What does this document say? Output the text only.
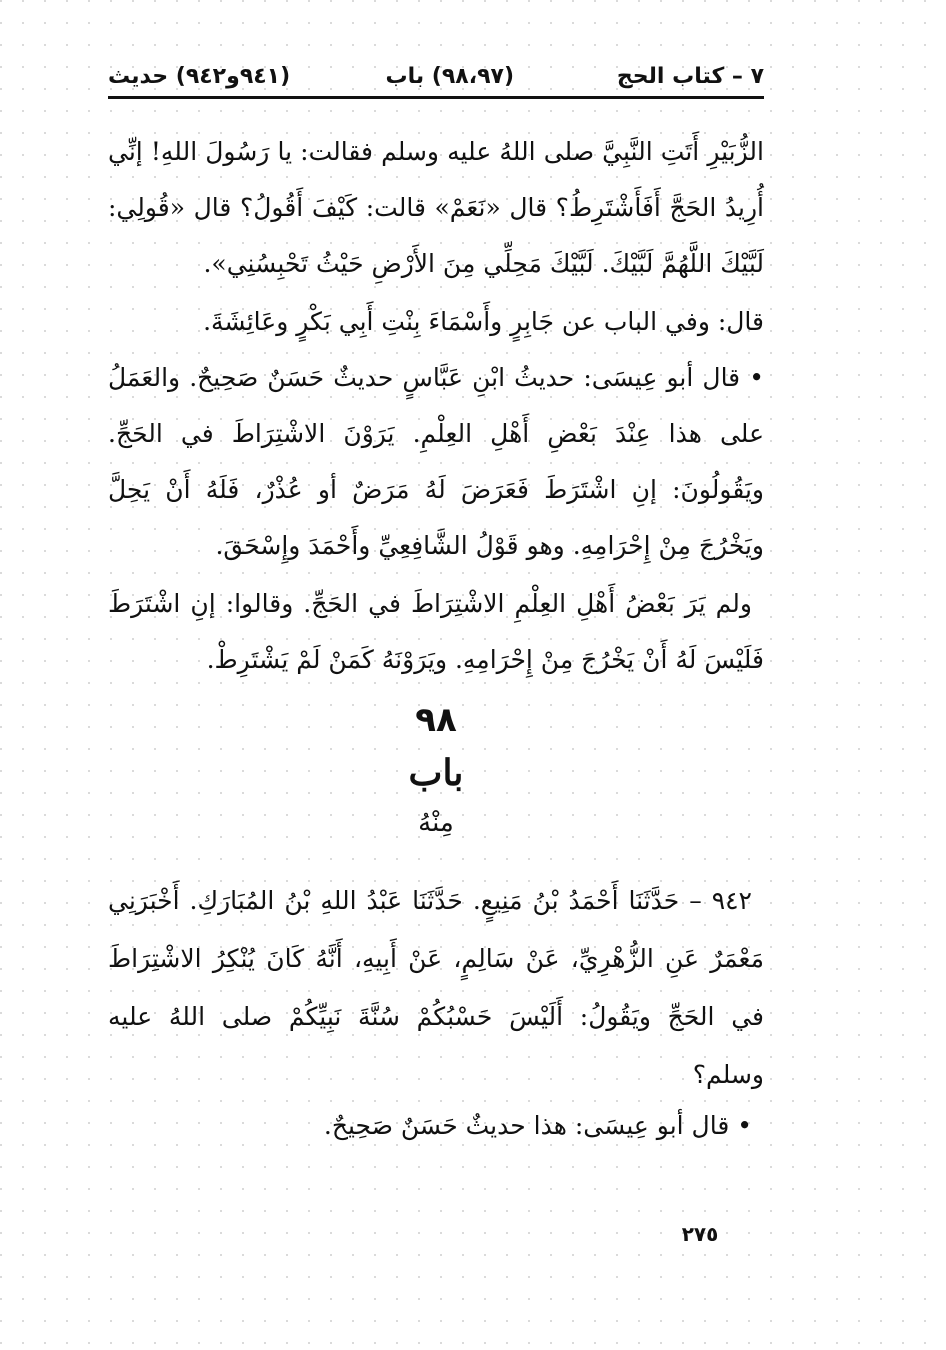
٧ – كتاب الحج
(٩٨،٩٧) باب
(٩٤١و٩٤٢) حديث

الزُّبَيْرِ أَتَتِ النَّبِيَّ صلى اللهُ عليه وسلم فقالت: يا رَسُولَ اللهِ! إنِّي أُرِيدُ الحَجَّ أَفَأَشْتَرِطُ؟ قال «نَعَمْ» قالت: كَيْفَ أَقُولُ؟ قال «قُولِي: لَبَّيْكَ اللَّهُمَّ لَبَّيْكَ. لَبَّيْكَ مَحِلِّي مِنَ الأَرْضِ حَيْثُ تَحْبِسُنِي».

قال: وفي الباب عن جَابِرٍ وأَسْمَاءَ بِنْتِ أَبِي بَكْرٍ وعَائِشَةَ.

• قال أبو عِيسَى: حديثُ ابْنِ عَبَّاسٍ حديثٌ حَسَنٌ صَحِيحٌ. والعَمَلُ على هذا عِنْدَ بَعْضِ أَهْلِ العِلْمِ. يَرَوْنَ الاشْتِرَاطَ في الحَجِّ. ويَقُولُونَ: إنِ اشْتَرَطَ فَعَرَضَ لَهُ مَرَضٌ أو عُذْرٌ، فَلَهُ أَنْ يَحِلَّ ويَخْرُجَ مِنْ إِحْرَامِهِ. وهو قَوْلُ الشَّافِعِيِّ وأَحْمَدَ وإِسْحَقَ.

ولم يَرَ بَعْضُ أَهْلِ العِلْمِ الاشْتِرَاطَ في الحَجِّ. وقالوا: إنِ اشْتَرَطَ فَلَيْسَ لَهُ أَنْ يَخْرُجَ مِنْ إِحْرَامِهِ. ويَرَوْنَهُ كَمَنْ لَمْ يَشْتَرِطْ.

٩٨
باب
مِنْهُ

٩٤٢ – حَدَّثَنَا أَحْمَدُ بْنُ مَنِيعٍ. حَدَّثَنَا عَبْدُ اللهِ بْنُ المُبَارَكِ. أَخْبَرَنِي مَعْمَرٌ عَنِ الزُّهْرِيِّ، عَنْ سَالِمٍ، عَنْ أَبِيهِ، أَنَّهُ كَانَ يُنْكِرُ الاشْتِرَاطَ في الحَجِّ ويَقُولُ: أَلَيْسَ حَسْبُكُمْ سُنَّةَ نَبِيِّكُمْ صلى اللهُ عليه وسلم؟

• قال أبو عِيسَى: هذا حديثٌ حَسَنٌ صَحِيحٌ.

٢٧٥
